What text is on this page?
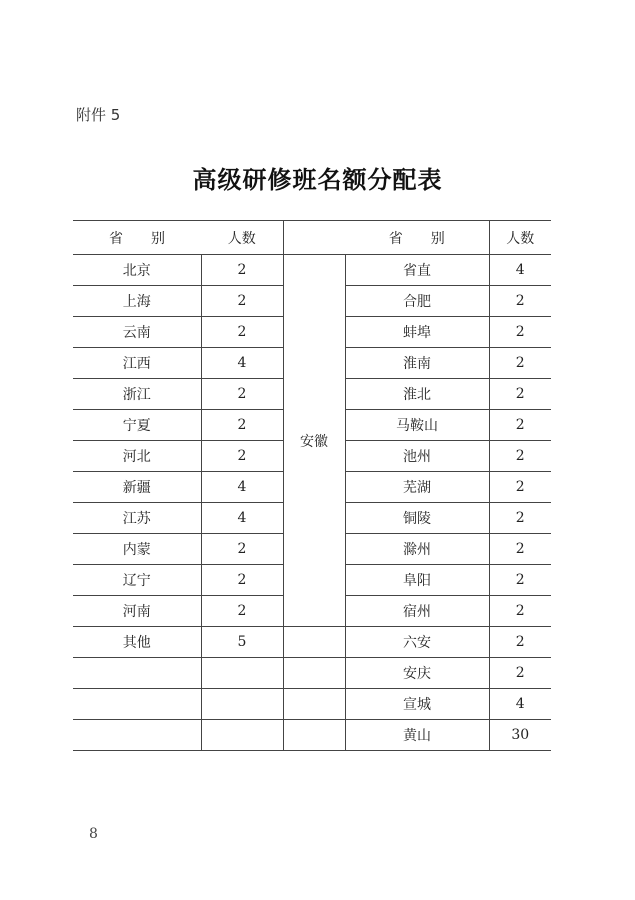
附件 5
高级研修班名额分配表
省　　别	人数		省　　别	人数
北京	2	安徽	省直	4
上海	2		合肥	2
云南	2		蚌埠	2
江西	4		淮南	2
浙江	2		淮北	2
宁夏	2		马鞍山	2
河北	2		池州	2
新疆	4		芜湖	2
江苏	4		铜陵	2
内蒙	2		滁州	2
辽宁	2		阜阳	2
河南	2		宿州	2
其他	5		六安	2
			安庆	2
			宣城	4
			黄山	30
8
